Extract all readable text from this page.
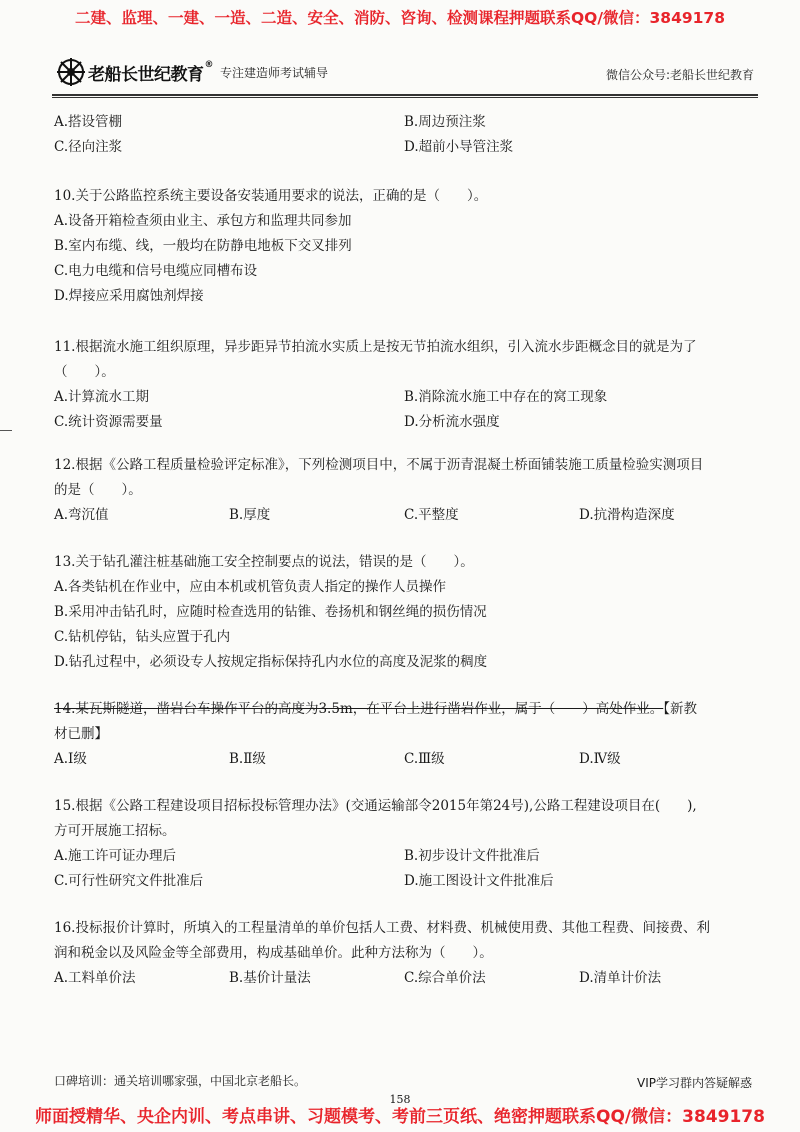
二建、监理、一建、一造、二造、安全、消防、咨询、检测课程押题联系QQ/微信：3849178
老船长世纪教育®
专注建造师考试辅导	微信公众号:老船长世纪教育
A.搭设管棚	B.周边预注浆
C.径向注浆	D.超前小导管注浆
10.关于公路监控系统主要设备安装通用要求的说法，正确的是（　　）。
A.设备开箱检查须由业主、承包方和监理共同参加
B.室内布缆、线，一般均在防静电地板下交叉排列
C.电力电缆和信号电缆应同槽布设
D.焊接应采用腐蚀剂焊接
11.根据流水施工组织原理，异步距异节拍流水实质上是按无节拍流水组织，引入流水步距概念目的就是为了
（　　）。
A.计算流水工期	B.消除流水施工中存在的窝工现象
C.统计资源需要量	D.分析流水强度
12.根据《公路工程质量检验评定标准》，下列检测项目中，不属于沥青混凝土桥面铺装施工质量检验实测项目
的是（　　）。
A.弯沉值	B.厚度	C.平整度	D.抗滑构造深度
13.关于钻孔灌注桩基础施工安全控制要点的说法，错误的是（　　）。
A.各类钻机在作业中，应由本机或机管负责人指定的操作人员操作
B.采用冲击钻孔时，应随时检查选用的钻锥、卷扬机和钢丝绳的损伤情况
C.钻机停钻，钻头应置于孔内
D.钻孔过程中，必须设专人按规定指标保持孔内水位的高度及泥浆的稠度
14.某瓦斯隧道，凿岩台车操作平台的高度为3.5m，在平台上进行凿岩作业，属于（　　）高处作业。【新教
材已删】
A.Ⅰ级	B.Ⅱ级	C.Ⅲ级	D.Ⅳ级
15.根据《公路工程建设项目招标投标管理办法》(交通运输部令2015年第24号),公路工程建设项目在(　　),
方可开展施工招标。
A.施工许可证办理后	B.初步设计文件批准后
C.可行性研究文件批准后	D.施工图设计文件批准后
16.投标报价计算时，所填入的工程量清单的单价包括人工费、材料费、机械使用费、其他工程费、间接费、利
润和税金以及风险金等全部费用，构成基础单价。此种方法称为（　　）。
A.工料单价法	B.基价计量法	C.综合单价法	D.清单计价法
口碑培训：通关培训哪家强，中国北京老船长。	VIP学习群内答疑解惑
158
师面授精华、央企内训、考点串讲、习题模考、考前三页纸、绝密押题联系QQ/微信：3849178
